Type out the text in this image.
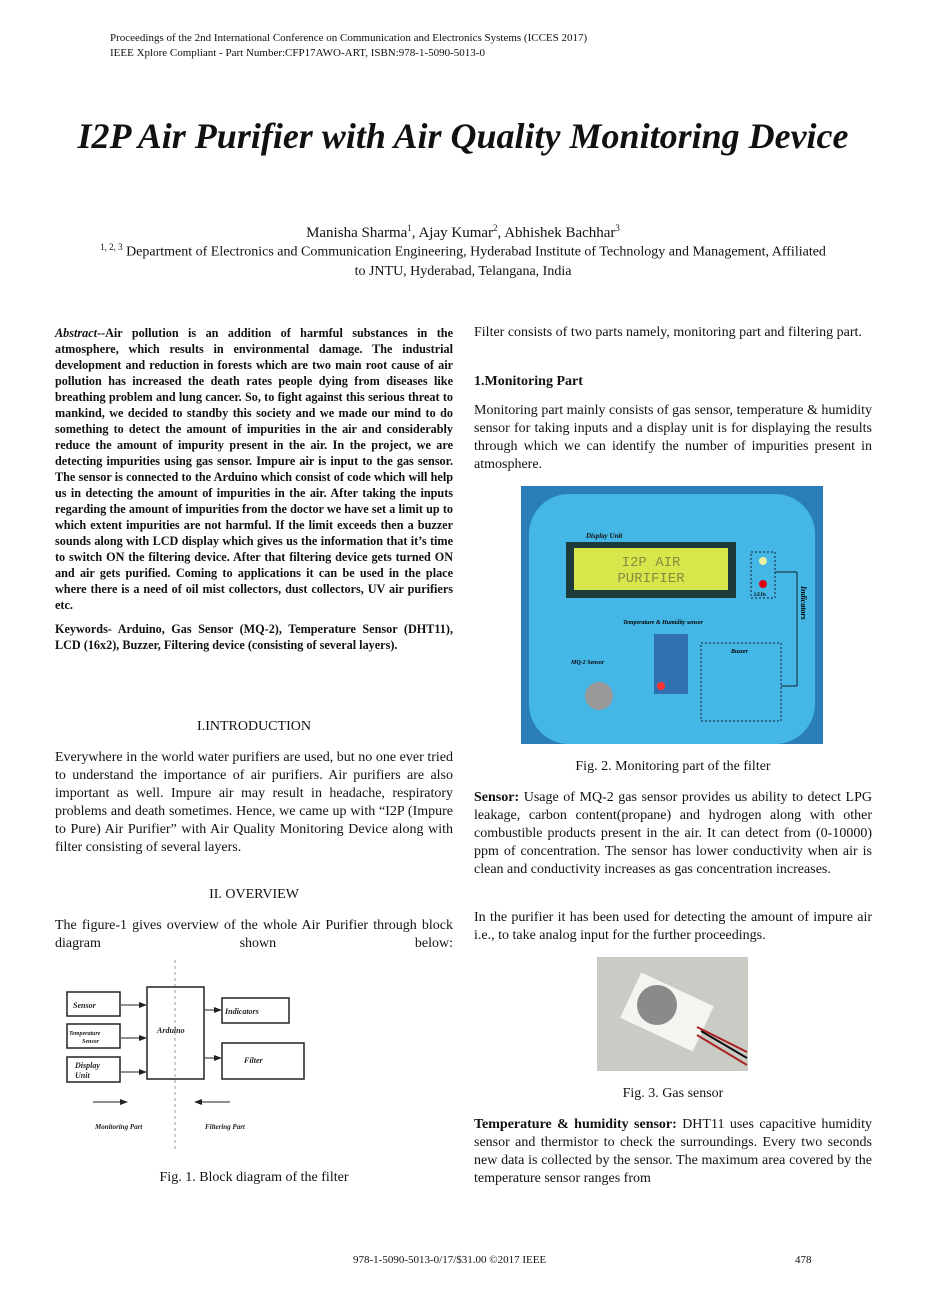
Proceedings of the 2nd International Conference on Communication and Electronics Systems (ICCES 2017)
IEEE Xplore Compliant - Part Number:CFP17AWO-ART, ISBN:978-1-5090-5013-0
I2P Air Purifier with Air Quality Monitoring Device
Manisha Sharma$^1$, Ajay Kumar$^2$, Abhishek Bachhar$^3$
$^{1, 2, 3}$ Department of Electronics and Communication Engineering, Hyderabad Institute of Technology and Management, Affiliated to JNTU, Hyderabad, Telangana, India
Abstract--Air pollution is an addition of harmful substances in the atmosphere, which results in environmental damage. The industrial development and reduction in forests which are two main root cause of air pollution has increased the death rates people dying from diseases like breathing problem and lung cancer. So, to fight against this serious threat to mankind, we decided to standby this society and we made our mind to do something to detect the amount of impurities in the air and considerably reduce the amount of impurity present in the air. In the project, we are detecting impurities using gas sensor. Impure air is input to the gas sensor. The sensor is connected to the Arduino which consist of code which will help us in detecting the amount of impurities in the air. After taking the inputs regarding the amount of impurities from the doctor we have set a limit up to which extent impurities are not harmful. If the limit exceeds then a buzzer sounds along with LCD display which gives us the information that it’s time to switch ON the filtering device. After that filtering device gets turned ON and air gets purified. Coming to applications it can be used in the place where there is a need of oil mist collectors, dust collectors, UV air purifiers etc.
Keywords- Arduino, Gas Sensor (MQ-2), Temperature Sensor (DHT11), LCD (16x2), Buzzer, Filtering device (consisting of several layers).
I.INTRODUCTION
Everywhere in the world water purifiers are used, but no one ever tried to understand the importance of air purifiers. Air purifiers are also important as well. Impure air may result in headache, respiratory problems and death sometimes. Hence, we came up with “I2P (Impure to Pure) Air Purifier” with Air Quality Monitoring Device along with filter consisting of several layers.
II. OVERVIEW
The figure-1 gives overview of the whole Air Purifier through block diagram shown below:
Sensor
Temperature
Sensor
Display
Unit
Arduino
Indicators
Filter
Monitoring Part	Filtering Part
Fig. 1. Block diagram of the filter
Filter consists of two parts namely, monitoring part and filtering part.
1.Monitoring Part
Monitoring part mainly consists of gas sensor, temperature & humidity sensor for taking inputs and a display unit is for displaying the results through which we can identify the number of impurities present in atmosphere.
I2P AIR
PURIFIER
Display Unit
LEDs
Temperature & Humidity sensor
MQ-2 Sensor
Buzzer
Indicators
Fig. 2. Monitoring part of the filter
Sensor: Usage of MQ-2 gas sensor provides us ability to detect LPG leakage, carbon content(propane) and hydrogen along with other combustible products present in the air. It can detect from (0-10000) ppm of concentration. The sensor has lower conductivity when air is clean and conductivity increases as gas concentration increases.
In the purifier it has been used for detecting the amount of impure air i.e., to take analog input for the further proceedings.
Fig. 3. Gas sensor
Temperature & humidity sensor: DHT11 uses capacitive humidity sensor and thermistor to check the surroundings. Every two seconds new data is collected by the sensor. The maximum area covered by the temperature sensor ranges from
978-1-5090-5013-0/17/$31.00 ©2017 IEEE	478
